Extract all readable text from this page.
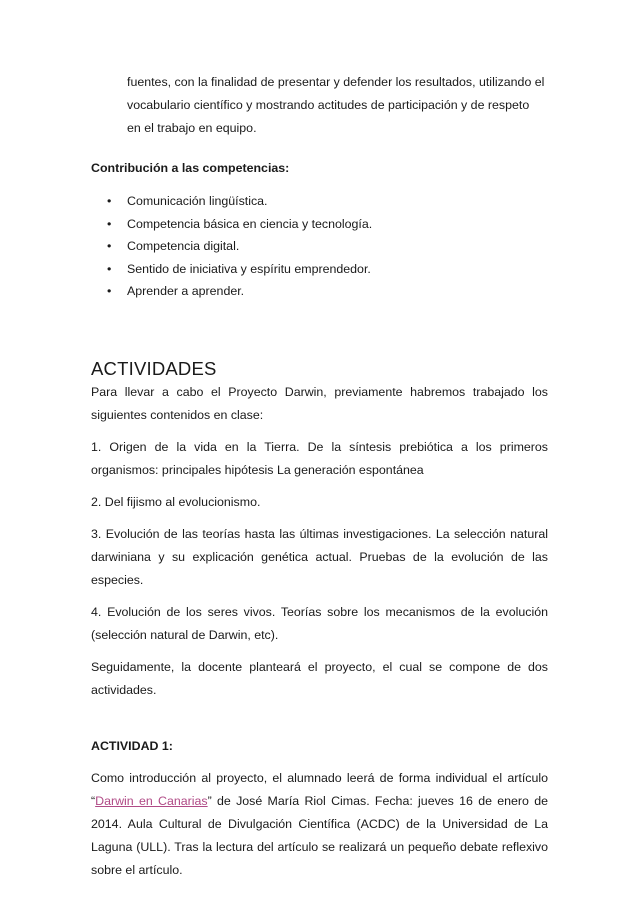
fuentes, con la finalidad de presentar y defender los resultados, utilizando el
vocabulario científico y mostrando actitudes de participación y de respeto
en el trabajo en equipo.

Contribución a las competencias:

• Comunicación lingüística.
• Competencia básica en ciencia y tecnología.
• Competencia digital.
• Sentido de iniciativa y espíritu emprendedor.
• Aprender a aprender.
ACTIVIDADES

Para llevar a cabo el Proyecto Darwin, previamente habremos trabajado los siguientes contenidos en clase:

1. Origen de la vida en la Tierra. De la síntesis prebiótica a los primeros organismos: principales hipótesis La generación espontánea

2. Del fijismo al evolucionismo.

3. Evolución de las teorías hasta las últimas investigaciones. La selección natural darwiniana y su explicación genética actual. Pruebas de la evolución de las especies.

4. Evolución de los seres vivos. Teorías sobre los mecanismos de la evolución (selección natural de Darwin, etc).

Seguidamente, la docente planteará el proyecto, el cual se compone de dos actividades.

ACTIVIDAD 1:

Como introducción al proyecto, el alumnado leerá de forma individual el artículo “Darwin en Canarias” de José María Riol Cimas. Fecha: jueves 16 de enero de 2014. Aula Cultural de Divulgación Científica (ACDC) de la Universidad de La Laguna (ULL). Tras la lectura del artículo se realizará un pequeño debate reflexivo sobre el artículo.
